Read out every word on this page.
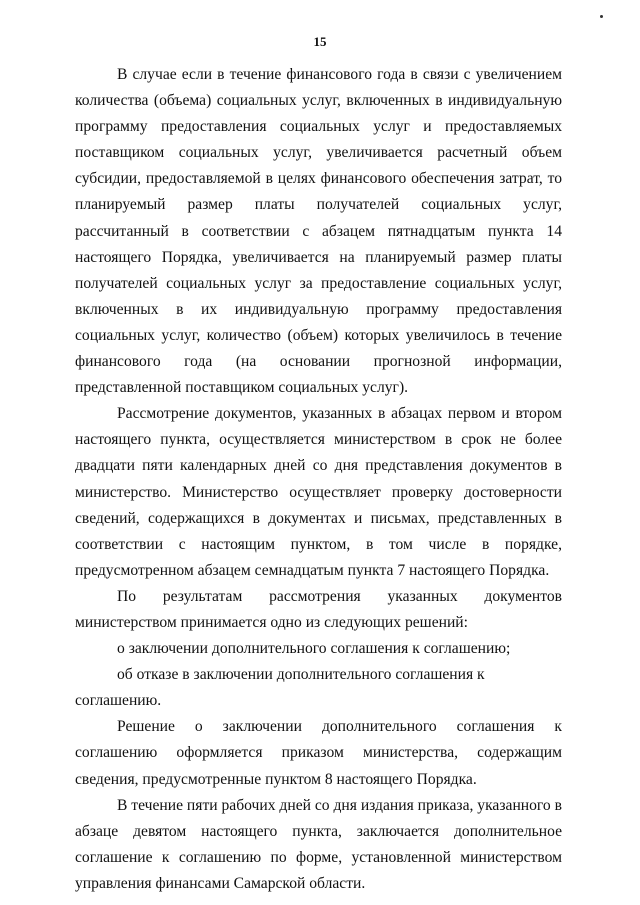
15

В случае если в течение финансового года в связи с увеличением количества (объема) социальных услуг, включенных в индивидуальную программу предоставления социальных услуг и предоставляемых поставщиком социальных услуг, увеличивается расчетный объем субсидии, предоставляемой в целях финансового обеспечения затрат, то планируемый размер платы получателей социальных услуг, рассчитанный в соответствии с абзацем пятнадцатым пункта 14 настоящего Порядка, увеличивается на планируемый размер платы получателей социальных услуг за предоставление социальных услуг, включенных в их индивидуальную программу предоставления социальных услуг, количество (объем) которых увеличилось в течение финансового года (на основании прогнозной информации, представленной поставщиком социальных услуг).

Рассмотрение документов, указанных в абзацах первом и втором настоящего пункта, осуществляется министерством в срок не более двадцати пяти календарных дней со дня представления документов в министерство. Министерство осуществляет проверку достоверности сведений, содержащихся в документах и письмах, представленных в соответствии с настоящим пунктом, в том числе в порядке, предусмотренном абзацем семнадцатым пункта 7 настоящего Порядка.

По результатам рассмотрения указанных документов министерством принимается одно из следующих решений:

о заключении дополнительного соглашения к соглашению;

об отказе в заключении дополнительного соглашения к соглашению.

Решение о заключении дополнительного соглашения к соглашению оформляется приказом министерства, содержащим сведения, предусмотренные пунктом 8 настоящего Порядка.

В течение пяти рабочих дней со дня издания приказа, указанного в абзаце девятом настоящего пункта, заключается дополнительное соглашение к соглашению по форме, установленной министерством управления финансами Самарской области.
